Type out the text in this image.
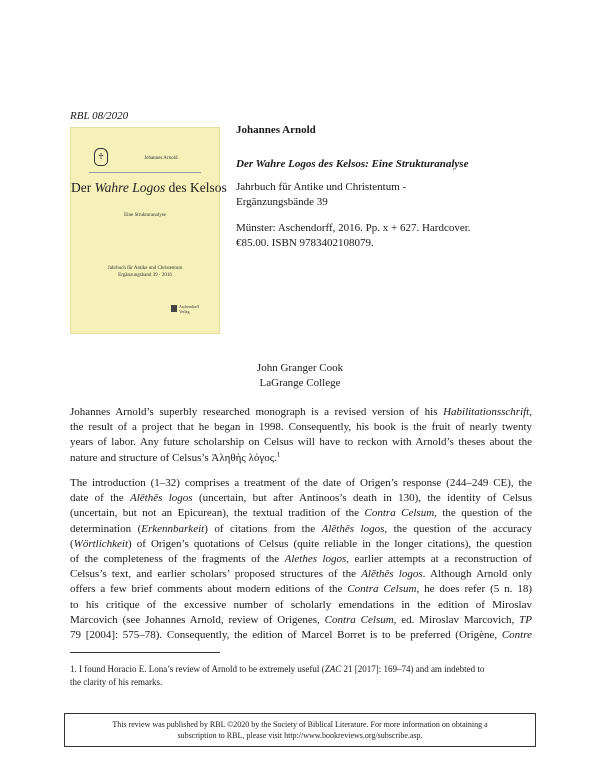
RBL 08/2020
♰	Johannes Arnold
Der Wahre Logos des Kelsos
Eine Strukturanalyse
Jahrbuch für Antike und Christentum
Ergänzungsband 39 · 2016
Aschendorff
Verlag
Johannes Arnold
Der Wahre Logos des Kelsos: Eine Strukturanalyse
Jahrbuch für Antike und Christentum -
Ergänzungsbände 39
Münster: Aschendorff, 2016. Pp. x + 627. Hardcover.
€85.00. ISBN 9783402108079.
John Granger Cook
LaGrange College
Johannes Arnold’s superbly researched monograph is a revised version of his Habilitationsschrift,
the result of a project that he began in 1998. Consequently, his book is the fruit of nearly twenty
years of labor. Any future scholarship on Celsus will have to reckon with Arnold’s theses about the
nature and structure of Celsus’s Ἀληθὴς λόγος.$^1$
The introduction (1–32) comprises a treatment of the date of Origen’s response (244–249 CE), the
date of the Alēthēs logos (uncertain, but after Antinoos’s death in 130), the identity of Celsus
(uncertain, but not an Epicurean), the textual tradition of the Contra Celsum, the question of the
determination (Erkennbarkeit) of citations from the Alēthēs logos, the question of the accuracy
(Wörtlichkeit) of Origen’s quotations of Celsus (quite reliable in the longer citations), the question
of the completeness of the fragments of the Alethes logos, earlier attempts at a reconstruction of
Celsus’s text, and earlier scholars’ proposed structures of the Alēthēs logos. Although Arnold only
offers a few brief comments about modern editions of the Contra Celsum, he does refer (5 n. 18)
to his critique of the excessive number of scholarly emendations in the edition of Miroslav
Marcovich (see Johannes Arnold, review of Origenes, Contra Celsum, ed. Miroslav Marcovich, TP
79 [2004]: 575–78). Consequently, the edition of Marcel Borret is to be preferred (Origène, Contre
1. I found Horacio E. Lona’s review of Arnold to be extremely useful (ZAC 21 [2017]: 169–74) and am indebted to
the clarity of his remarks.
This review was published by RBL ©2020 by the Society of Biblical Literature. For more information on obtaining a
subscription to RBL, please visit http://www.bookreviews.org/subscribe.asp.
